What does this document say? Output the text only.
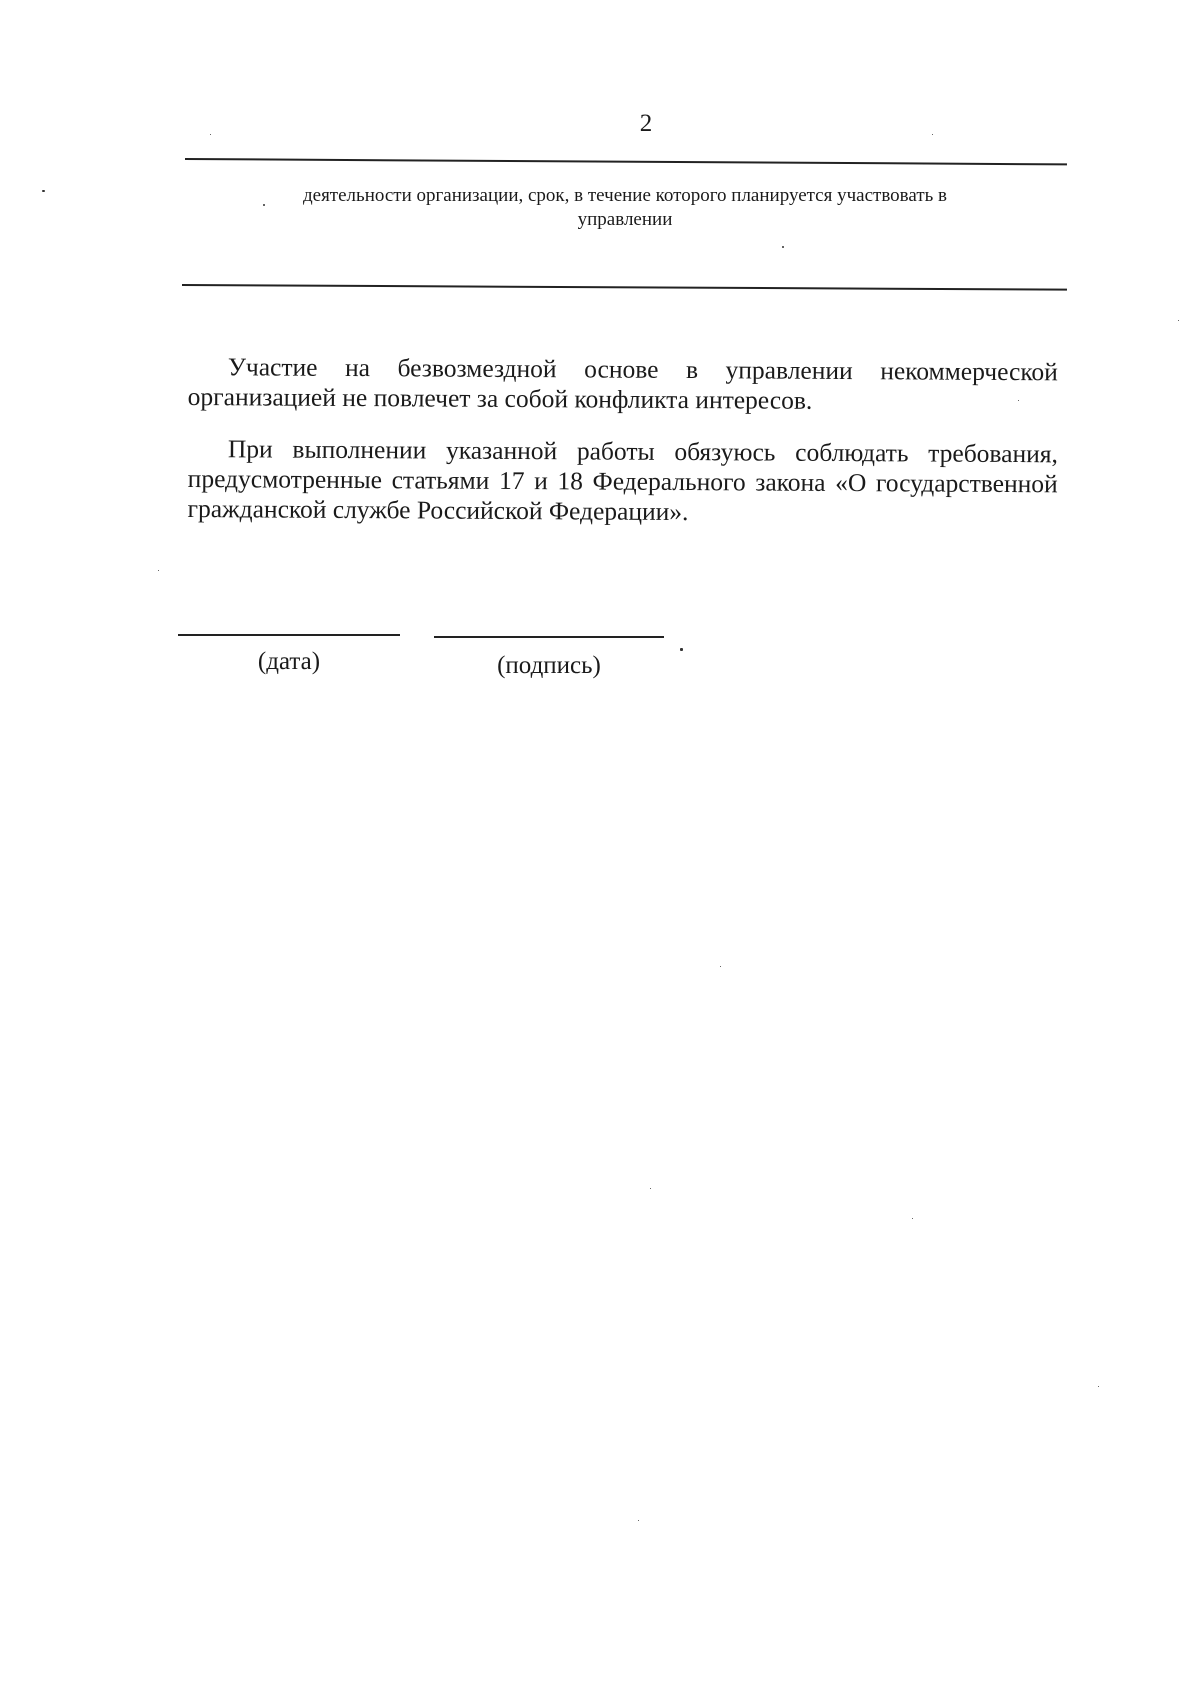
2
деятельности организации, срок, в течение которого планируется участвовать в
управлении
Участие на безвозмездной основе в управлении некоммерческой организацией не повлечет за собой конфликта интересов.
При выполнении указанной работы обязуюсь соблюдать требования, предусмотренные статьями 17 и 18 Федерального закона «О государственной гражданской службе Российской Федерации».
(дата)	(подпись)
